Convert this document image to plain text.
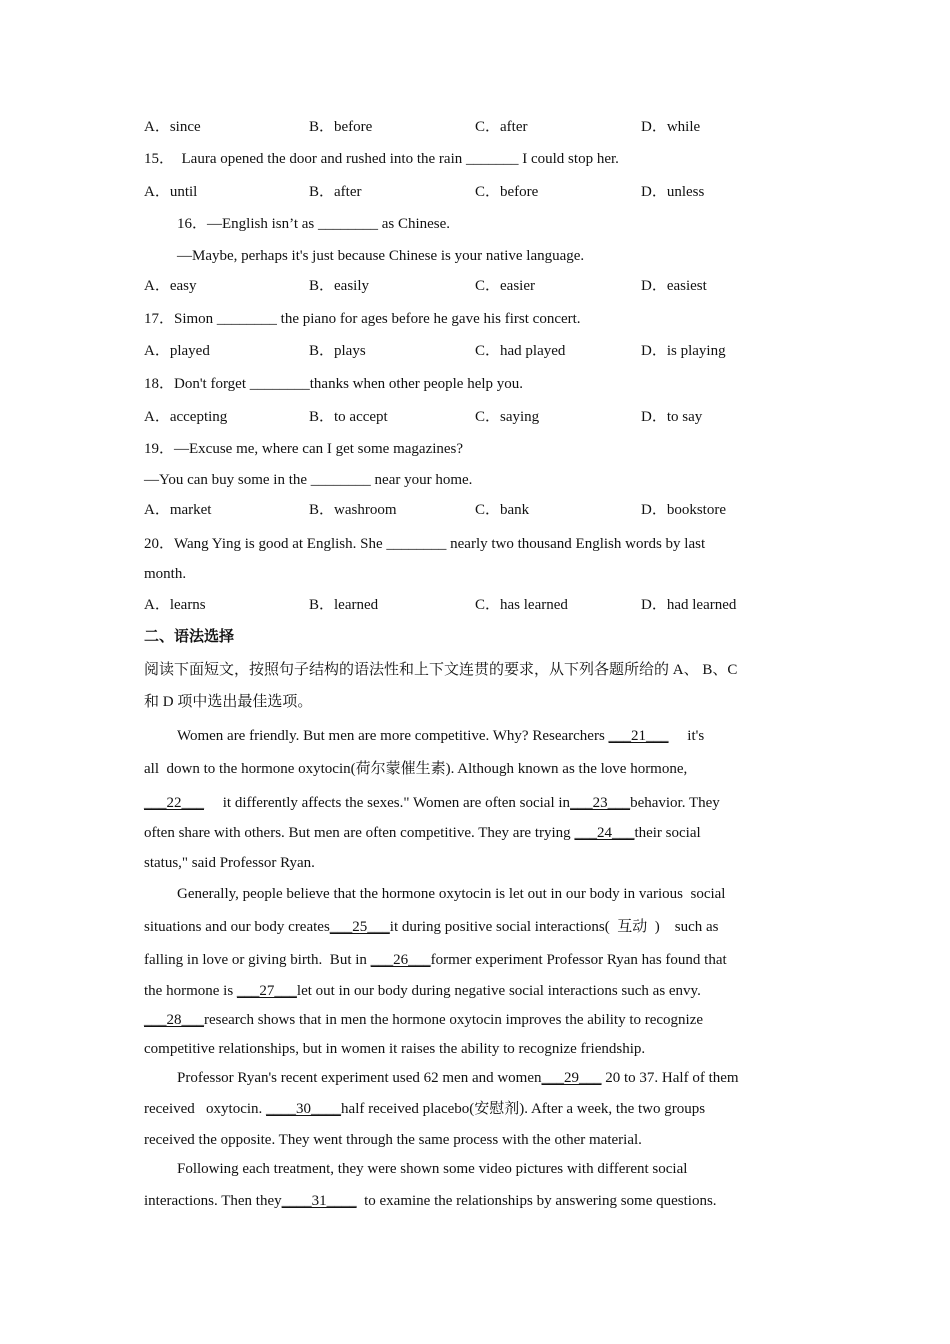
A．since	B．before	C．after	D．while
15．  Laura opened the door and rushed into the rain _______ I could stop her.
A．until	B．after	C．before	D．unless
16．—English isn’t as ________ as Chinese.
—Maybe, perhaps it's just because Chinese is your native language.
A．easy	B．easily	C．easier	D．easiest
17．Simon ________ the piano for ages before he gave his first concert.
A．played	B．plays	C．had played	D．is playing
18．Don't forget ________thanks when other people help you.
A．accepting	B．to accept	C．saying	D．to say
19．—Excuse me, where can I get some magazines?
—You can buy some in the ________ near your home.
A．market	B．washroom	C．bank	D．bookstore
20．Wang Ying is good at English. She ________ nearly two thousand English words by last
month.
A．learns	B．learned	C．has learned	D．had learned
二、语法选择
阅读下面短文，按照句子结构的语法性和上下文连贯的要求，从下列各题所给的 A、 B、C
和 D 项中选出最佳选项。
Women are friendly. But men are more competitive. Why? Researchers ___21___     it's
all  down to the hormone oxytocin(荷尔蒙催生素). Although known as the love hormone,
___22___     it differently affects the sexes." Women are often social in___23___behavior. They
often share with others. But men are often competitive. They are trying ___24___their social
status," said Professor Ryan.
Generally, people believe that the hormone oxytocin is let out in our body in various  social
situations and our body creates___25___it during positive social interactions(  互动  )    such as
falling in love or giving birth.  But in ___26___former experiment Professor Ryan has found that
the hormone is ___27___let out in our body during negative social interactions such as envy.
___28___research shows that in men the hormone oxytocin improves the ability to recognize
competitive relationships, but in women it raises the ability to recognize friendship.
Professor Ryan's recent experiment used 62 men and women___29___ 20 to 37. Half of them
received   oxytocin. ____30____half received placebo(安慰剂). After a week, the two groups
received the opposite. They went through the same process with the other material.
Following each treatment, they were shown some video pictures with different social
interactions. Then they____31____  to examine the relationships by answering some questions.
